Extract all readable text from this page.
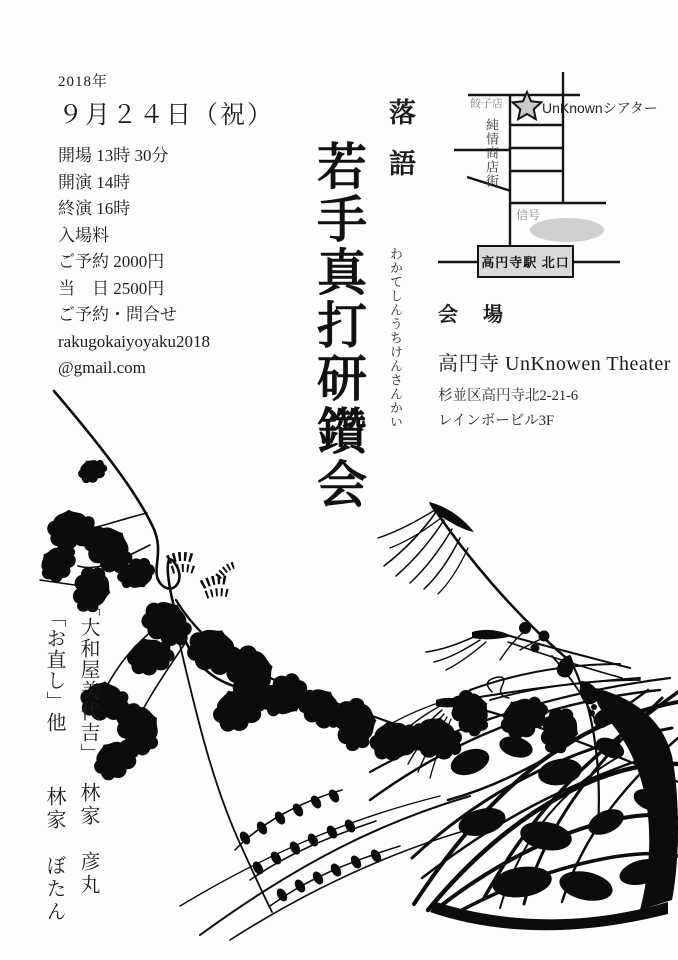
2018年
９月２４日（祝）
開場 13時 30分
開演 14時
終演 16時
入場料
ご予約 2000円
当　日 2500円
ご予約・問合せ
rakugokaiyoyaku2018
@gmail.com
落語
若手真打研鑽会	わかてしんうちけんさんかい
餃子店	UnKnownシアター
純情商店街
信号
高円寺駅 北口
会 場
高円寺 UnKnowen Theater
杉並区高円寺北2-21-6
レインボービル3F
「大和屋美代吉」
「お直し」他
林家　彦丸
林家　ぼたん
